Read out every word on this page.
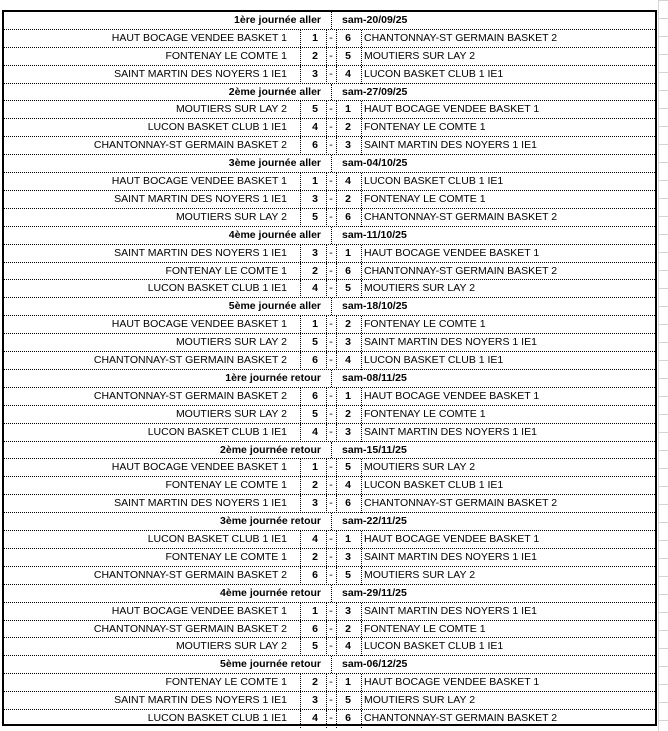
1ère journée aller sam-20/09/25
HAUT BOCAGE VENDEE BASKET 1	1	-	6	CHANTONNAY-ST GERMAIN BASKET 2
FONTENAY LE COMTE 1	2	-	5	MOUTIERS SUR LAY 2
SAINT MARTIN DES NOYERS 1 IE1	3	-	4	LUCON BASKET CLUB 1 IE1
2ème journée aller sam-27/09/25
MOUTIERS SUR LAY 2	5	-	1	HAUT BOCAGE VENDEE BASKET 1
LUCON BASKET CLUB 1 IE1	4	-	2	FONTENAY LE COMTE 1
CHANTONNAY-ST GERMAIN BASKET 2	6	-	3	SAINT MARTIN DES NOYERS 1 IE1
3ème journée aller sam-04/10/25
HAUT BOCAGE VENDEE BASKET 1	1	-	4	LUCON BASKET CLUB 1 IE1
SAINT MARTIN DES NOYERS 1 IE1	3	-	2	FONTENAY LE COMTE 1
MOUTIERS SUR LAY 2	5	-	6	CHANTONNAY-ST GERMAIN BASKET 2
4ème journée aller sam-11/10/25
SAINT MARTIN DES NOYERS 1 IE1	3	-	1	HAUT BOCAGE VENDEE BASKET 1
FONTENAY LE COMTE 1	2	-	6	CHANTONNAY-ST GERMAIN BASKET 2
LUCON BASKET CLUB 1 IE1	4	-	5	MOUTIERS SUR LAY 2
5ème journée aller sam-18/10/25
HAUT BOCAGE VENDEE BASKET 1	1	-	2	FONTENAY LE COMTE 1
MOUTIERS SUR LAY 2	5	-	3	SAINT MARTIN DES NOYERS 1 IE1
CHANTONNAY-ST GERMAIN BASKET 2	6	-	4	LUCON BASKET CLUB 1 IE1
1ère journée retour sam-08/11/25
CHANTONNAY-ST GERMAIN BASKET 2	6	-	1	HAUT BOCAGE VENDEE BASKET 1
MOUTIERS SUR LAY 2	5	-	2	FONTENAY LE COMTE 1
LUCON BASKET CLUB 1 IE1	4	-	3	SAINT MARTIN DES NOYERS 1 IE1
2ème journée retour sam-15/11/25
HAUT BOCAGE VENDEE BASKET 1	1	-	5	MOUTIERS SUR LAY 2
FONTENAY LE COMTE 1	2	-	4	LUCON BASKET CLUB 1 IE1
SAINT MARTIN DES NOYERS 1 IE1	3	-	6	CHANTONNAY-ST GERMAIN BASKET 2
3ème journée retour sam-22/11/25
LUCON BASKET CLUB 1 IE1	4	-	1	HAUT BOCAGE VENDEE BASKET 1
FONTENAY LE COMTE 1	2	-	3	SAINT MARTIN DES NOYERS 1 IE1
CHANTONNAY-ST GERMAIN BASKET 2	6	-	5	MOUTIERS SUR LAY 2
4ème journée retour sam-29/11/25
HAUT BOCAGE VENDEE BASKET 1	1	-	3	SAINT MARTIN DES NOYERS 1 IE1
CHANTONNAY-ST GERMAIN BASKET 2	6	-	2	FONTENAY LE COMTE 1
MOUTIERS SUR LAY 2	5	-	4	LUCON BASKET CLUB 1 IE1
5ème journée retour sam-06/12/25
FONTENAY LE COMTE 1	2	-	1	HAUT BOCAGE VENDEE BASKET 1
SAINT MARTIN DES NOYERS 1 IE1	3	-	5	MOUTIERS SUR LAY 2
LUCON BASKET CLUB 1 IE1	4	-	6	CHANTONNAY-ST GERMAIN BASKET 2
